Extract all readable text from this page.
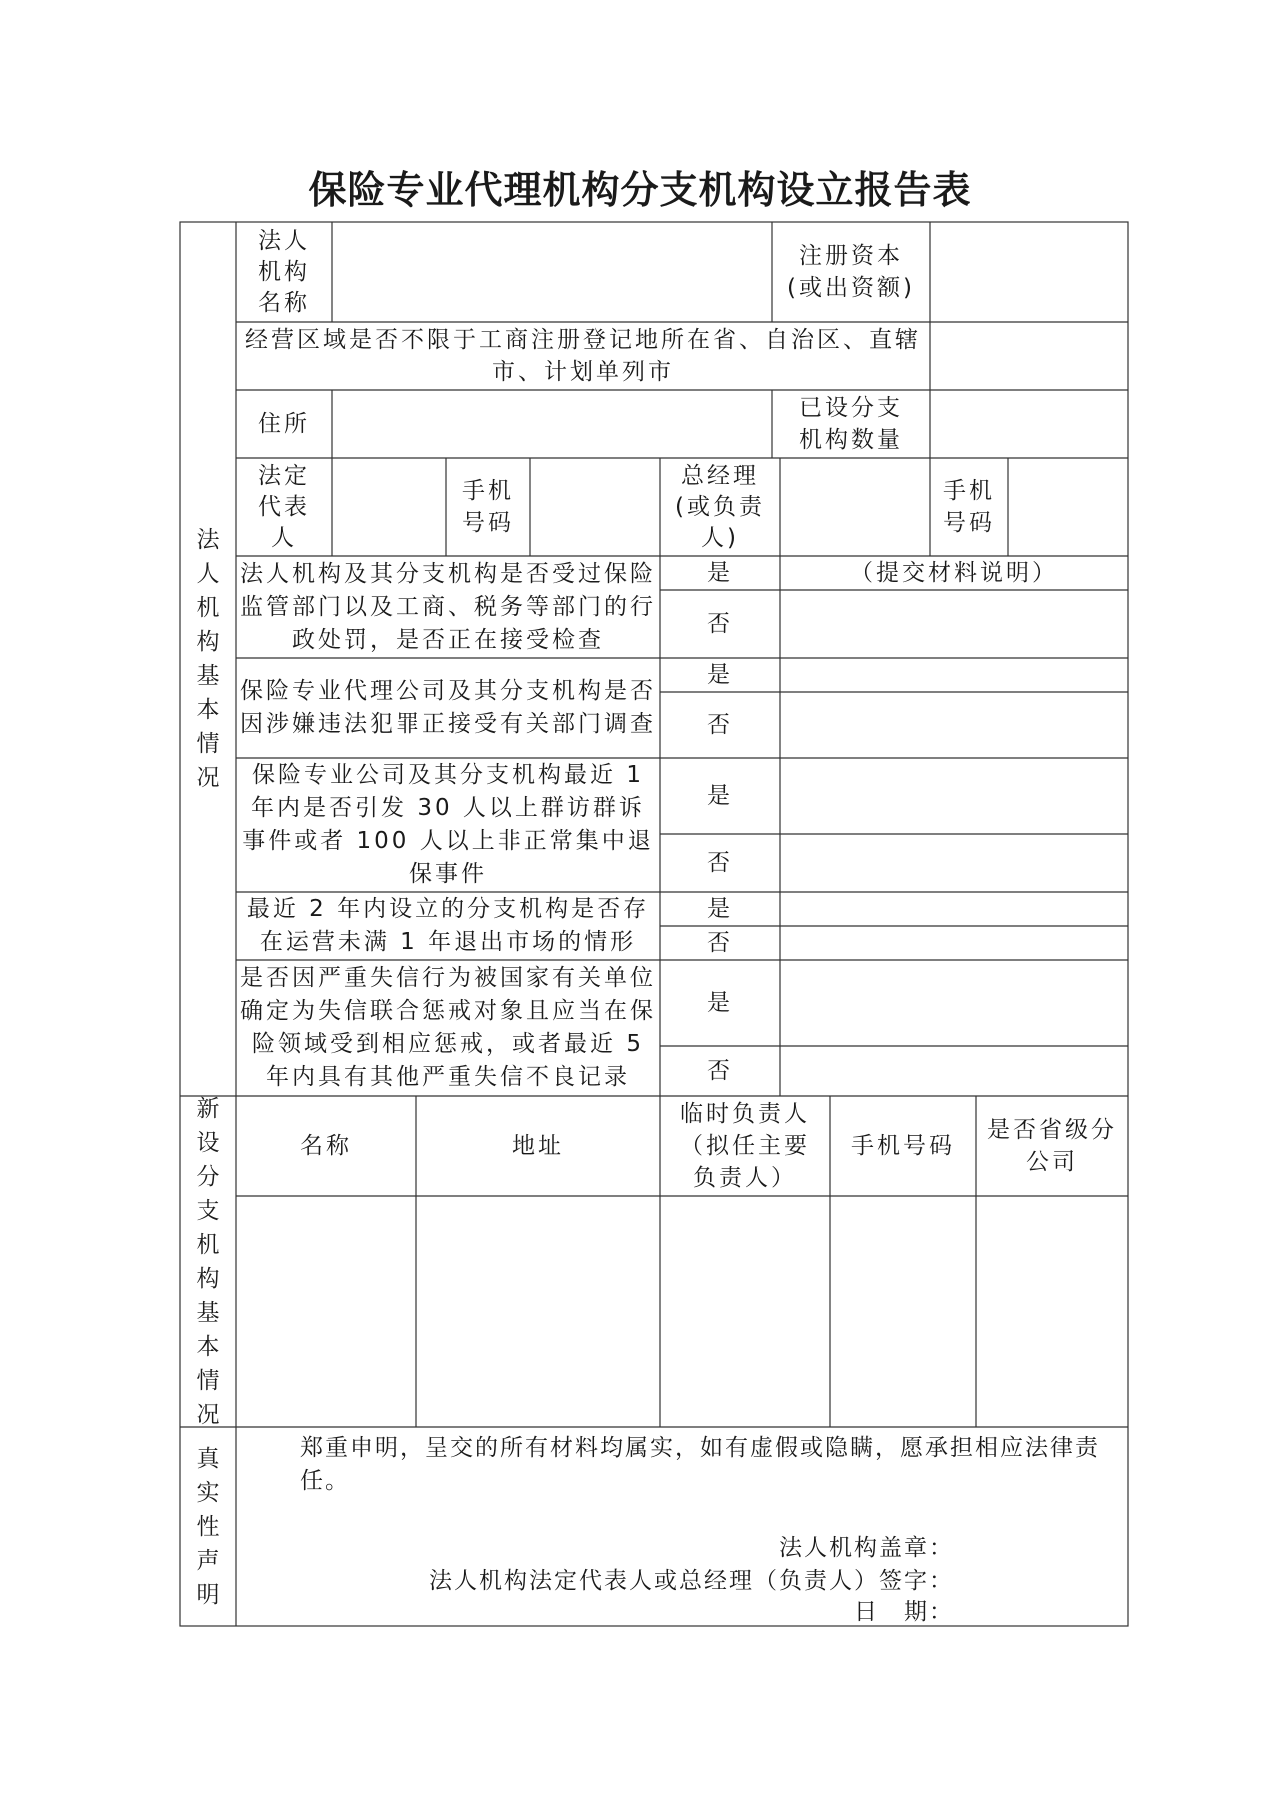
保险专业代理机构分支机构设立报告表
法
人
机
构
基
本
情
况
新
设
分
支
机
构
基
本
情
况
真
实
性
声
明
法人
机构
名称
注册资本
(或出资额)
经营区域是否不限于工商注册登记地所在省、自治区、直辖
市、计划单列市
住所
已设分支
机构数量
法定
代表
人
手机
号码
总经理
(或负责
人)
手机
号码
法人机构及其分支机构是否受过保险监管部门以及工商、税务等部门的行政处罚，是否正在接受检查
是	（提交材料说明）
否
保险专业代理公司及其分支机构是否因涉嫌违法犯罪正接受有关部门调查
是
否
保险专业公司及其分支机构最近 1 年内是否引发 30 人以上群访群诉事件或者 100 人以上非正常集中退保事件
是
否
最近 2 年内设立的分支机构是否存在运营未满 1 年退出市场的情形
是
否
是否因严重失信行为被国家有关单位确定为失信联合惩戒对象且应当在保险领域受到相应惩戒，或者最近 5 年内具有其他严重失信不良记录
是
否
名称	地址
临时负责人
（拟任主要
负责人）
手机号码
是否省级分
公司
郑重申明，呈交的所有材料均属实，如有虚假或隐瞒，愿承担相应法律责任。
法人机构盖章：
法人机构法定代表人或总经理（负责人）签字：
日　期：
